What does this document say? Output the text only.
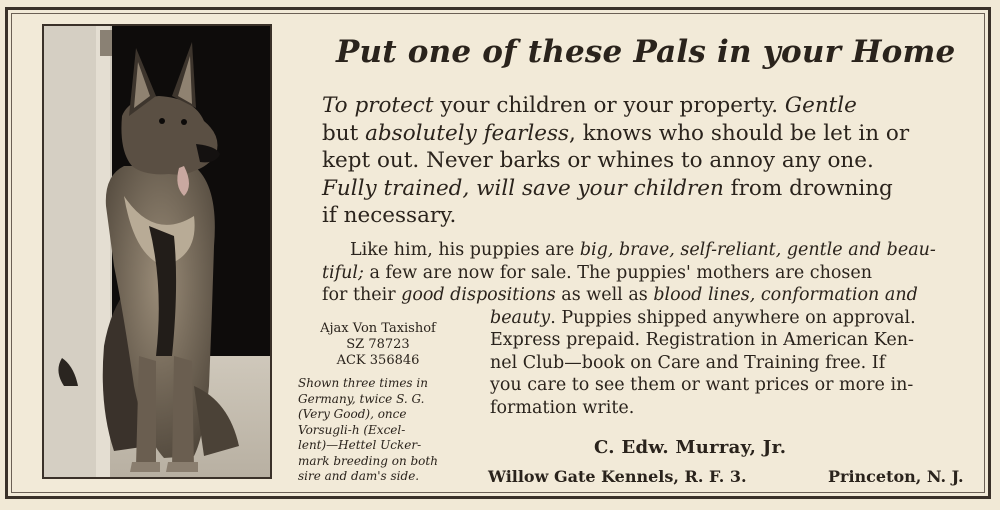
Ajax Von Taxishof
SZ 78723
ACK 356846
Shown three times in
Germany, twice S. G.
(Very Good), once
Vorsugli-h (Excel-
lent)—Hettel Ucker-
mark breeding on both
sire and dam's side.
Put one of these Pals in your Home
To protect your children or your property. Gentle
but absolutely fearless, knows who should be let in or
kept out. Never barks or whines to annoy any one.
Fully trained, will save your children from drowning
if necessary.
Like him, his puppies are big, brave, self-reliant, gentle and beau-
tiful; a few are now for sale. The puppies' mothers are chosen
for their good dispositions as well as blood lines, conformation and
beauty. Puppies shipped anywhere on approval.
Express prepaid. Registration in American Ken-
nel Club—book on Care and Training free. If
you care to see them or want prices or more in-
formation write.
C. Edw. Murray, Jr.
Willow Gate Kennels, R. F. 3.	Princeton, N. J.
